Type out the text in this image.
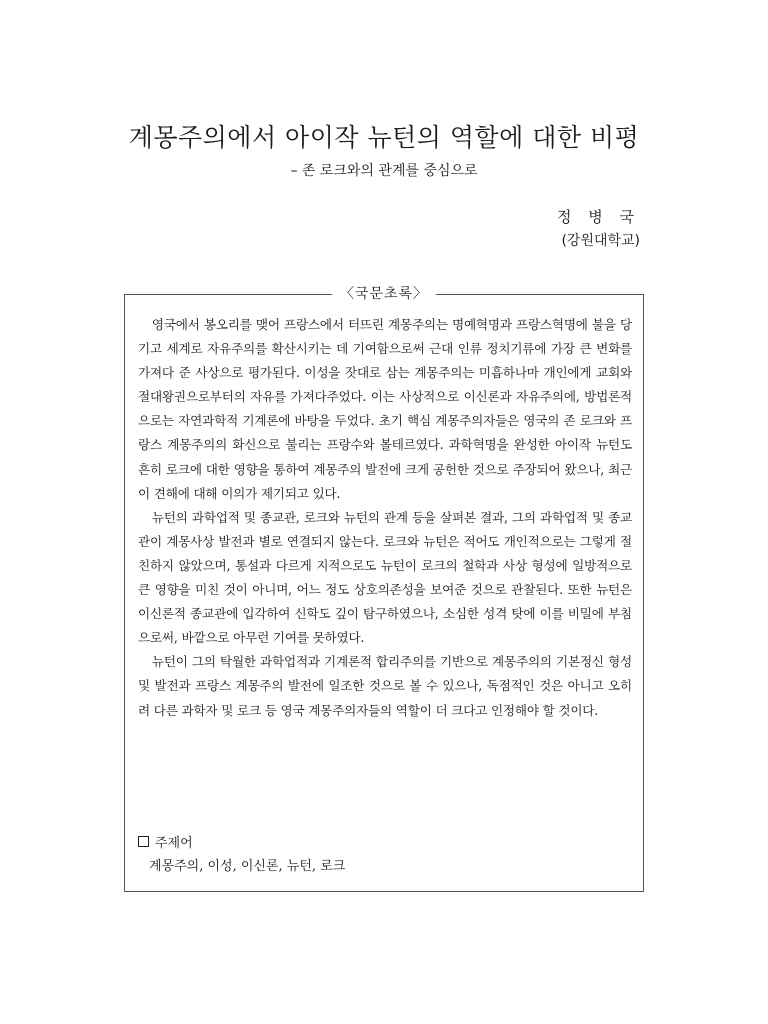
계몽주의에서 아이작 뉴턴의 역할에 대한 비평
– 존 로크와의 관계를 중심으로
정 병 국
(강원대학교)
〈국문초록〉

영국에서 봉오리를 맺어 프랑스에서 터뜨린 계몽주의는 명예혁명과 프랑스혁명에 불을 당기고 세계로 자유주의를 확산시키는 데 기여함으로써 근대 인류 정치기류에 가장 큰 변화를 가져다 준 사상으로 평가된다. 이성을 잣대로 삼는 계몽주의는 미흡하나마 개인에게 교회와 절대왕권으로부터의 자유를 가져다주었다. 이는 사상적으로 이신론과 자유주의에, 방법론적으로는 자연과학적 기계론에 바탕을 두었다. 초기 핵심 계몽주의자들은 영국의 존 로크와 프랑스 계몽주의의 화신으로 불리는 프랑수와 볼테르였다. 과학혁명을 완성한 아이작 뉴턴도 흔히 로크에 대한 영향을 통하여 계몽주의 발전에 크게 공헌한 것으로 주장되어 왔으나, 최근 이 견해에 대해 이의가 제기되고 있다.

뉴턴의 과학업적 및 종교관, 로크와 뉴턴의 관계 등을 살펴본 결과, 그의 과학업적 및 종교관이 계몽사상 발전과 별로 연결되지 않는다. 로크와 뉴턴은 적어도 개인적으로는 그렇게 절친하지 않았으며, 통설과 다르게 지적으로도 뉴턴이 로크의 철학과 사상 형성에 일방적으로 큰 영향을 미친 것이 아니며, 어느 정도 상호의존성을 보여준 것으로 관찰된다. 또한 뉴턴은 이신론적 종교관에 입각하여 신학도 깊이 탐구하였으나, 소심한 성격 탓에 이를 비밀에 부침으로써, 바깥으로 아무런 기여를 못하였다.

뉴턴이 그의 탁월한 과학업적과 기계론적 합리주의를 기반으로 계몽주의의 기본정신 형성 및 발전과 프랑스 계몽주의 발전에 일조한 것으로 볼 수 있으나, 독점적인 것은 아니고 오히려 다른 과학자 및 로크 등 영국 계몽주의자들의 역할이 더 크다고 인정해야 할 것이다.

주제어
계몽주의, 이성, 이신론, 뉴턴, 로크
